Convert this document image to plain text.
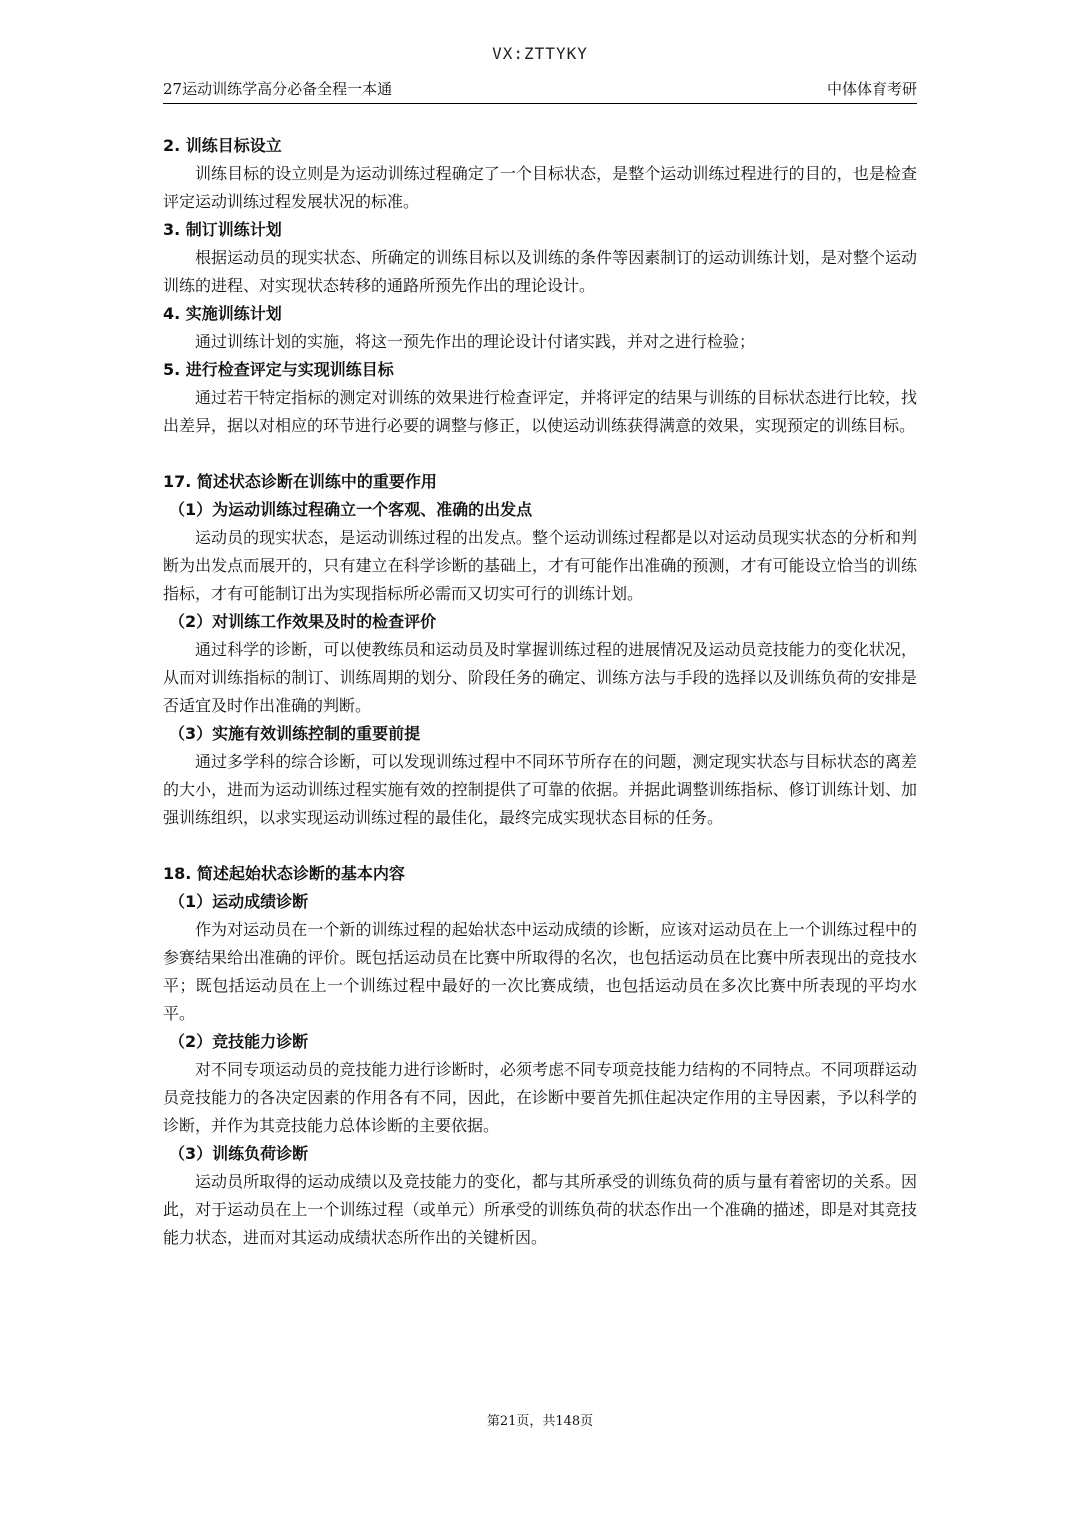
VX:ZTTYKY
27运动训练学高分必备全程一本通	中体体育考研
2. 训练目标设立

训练目标的设立则是为运动训练过程确定了一个目标状态，是整个运动训练过程进行的目的，也是检查评定运动训练过程发展状况的标准。

3. 制订训练计划

根据运动员的现实状态、所确定的训练目标以及训练的条件等因素制订的运动训练计划，是对整个运动训练的进程、对实现状态转移的通路所预先作出的理论设计。

4. 实施训练计划

通过训练计划的实施，将这一预先作出的理论设计付诸实践，并对之进行检验；

5. 进行检查评定与实现训练目标

通过若干特定指标的测定对训练的效果进行检查评定，并将评定的结果与训练的目标状态进行比较，找出差异，据以对相应的环节进行必要的调整与修正，以使运动训练获得满意的效果，实现预定的训练目标。

17. 简述状态诊断在训练中的重要作用
（1）为运动训练过程确立一个客观、准确的出发点

运动员的现实状态，是运动训练过程的出发点。整个运动训练过程都是以对运动员现实状态的分析和判断为出发点而展开的，只有建立在科学诊断的基础上，才有可能作出准确的预测，才有可能设立恰当的训练指标，才有可能制订出为实现指标所必需而又切实可行的训练计划。

（2）对训练工作效果及时的检查评价

通过科学的诊断，可以使教练员和运动员及时掌握训练过程的进展情况及运动员竞技能力的变化状况，从而对训练指标的制订、训练周期的划分、阶段任务的确定、训练方法与手段的选择以及训练负荷的安排是否适宜及时作出准确的判断。

（3）实施有效训练控制的重要前提

通过多学科的综合诊断，可以发现训练过程中不同环节所存在的问题，测定现实状态与目标状态的离差的大小，进而为运动训练过程实施有效的控制提供了可靠的依据。并据此调整训练指标、修订训练计划、加强训练组织，以求实现运动训练过程的最佳化，最终完成实现状态目标的任务。

18. 简述起始状态诊断的基本内容
（1）运动成绩诊断

作为对运动员在一个新的训练过程的起始状态中运动成绩的诊断，应该对运动员在上一个训练过程中的参赛结果给出准确的评价。既包括运动员在比赛中所取得的名次，也包括运动员在比赛中所表现出的竞技水平；既包括运动员在上一个训练过程中最好的一次比赛成绩，也包括运动员在多次比赛中所表现的平均水平。

（2）竞技能力诊断

对不同专项运动员的竞技能力进行诊断时，必须考虑不同专项竞技能力结构的不同特点。不同项群运动员竞技能力的各决定因素的作用各有不同，因此，在诊断中要首先抓住起决定作用的主导因素，予以科学的诊断，并作为其竞技能力总体诊断的主要依据。

（3）训练负荷诊断

运动员所取得的运动成绩以及竞技能力的变化，都与其所承受的训练负荷的质与量有着密切的关系。因此，对于运动员在上一个训练过程（或单元）所承受的训练负荷的状态作出一个准确的描述，即是对其竞技能力状态，进而对其运动成绩状态所作出的关键析因。

第21页，共148页
